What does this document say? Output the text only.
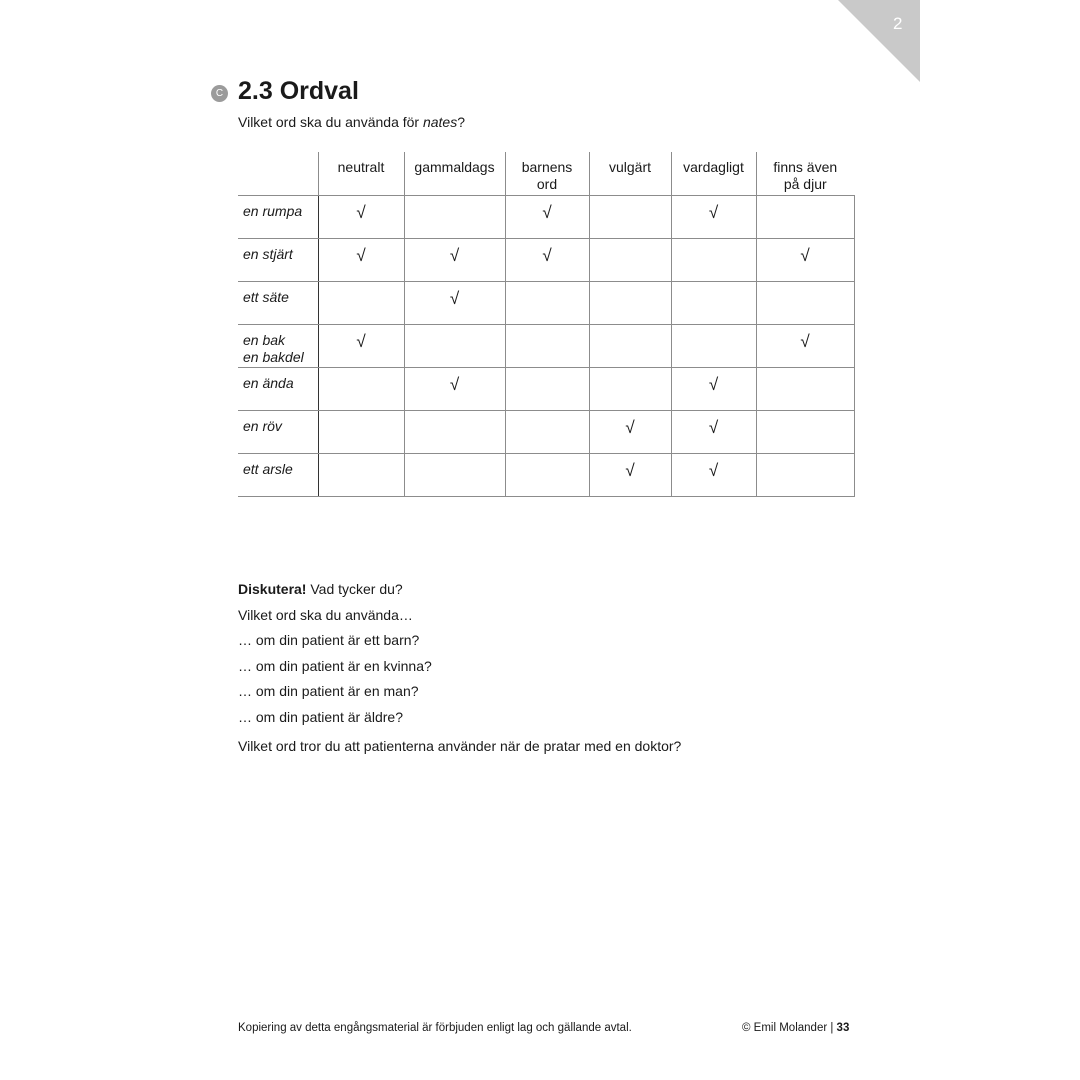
2
C 2.3 Ordval

Vilket ord ska du använda för nates?

	neutralt	gammaldags	barnens ord	vulgärt	vardagligt	finns även på djur
en rumpa	√		√		√	
en stjärt	√	√	√			√
ett säte		√				
en bak
en bakdel	√					√
en ända		√			√	
en röv				√	√	
ett arsle				√	√	

Diskutera! Vad tycker du?

Vilket ord ska du använda…

… om din patient är ett barn?

… om din patient är en kvinna?

… om din patient är en man?

… om din patient är äldre?

Vilket ord tror du att patienterna använder när de pratar med en doktor?

Kopiering av detta engångsmaterial är förbjuden enligt lag och gällande avtal.	© Emil Molander | 33
